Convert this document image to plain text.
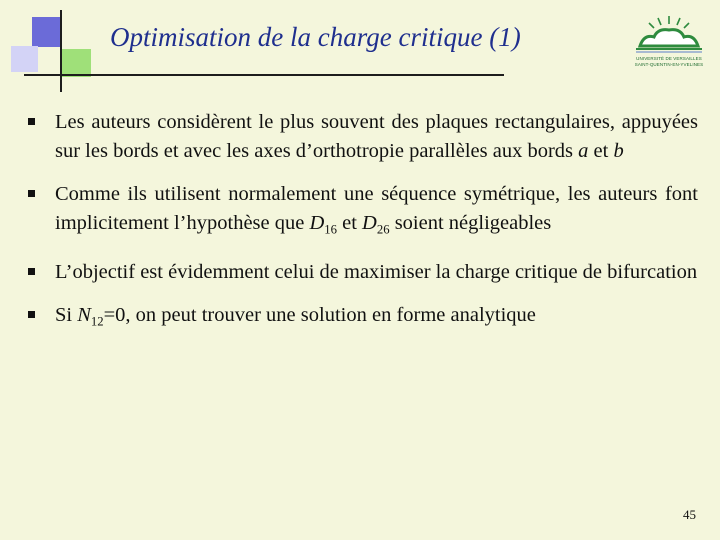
Optimisation de la charge critique (1)
UNIVERSITÉ DE VERSAILLES
SAINT-QUENTIN-EN-YVELINES
Les auteurs considèrent le plus souvent des plaques rectangulaires, appuyées sur les bords et avec les axes d’orthotropie parallèles aux bords a et b
Comme ils utilisent normalement une séquence symétrique, les auteurs font implicitement l’hypothèse que $D_{16}$ et $D_{26}$ soient négligeables
L’objectif est évidemment celui de maximiser la charge critique de bifurcation
Si $N_{12}=0$, on peut trouver une solution en forme analytique
45
